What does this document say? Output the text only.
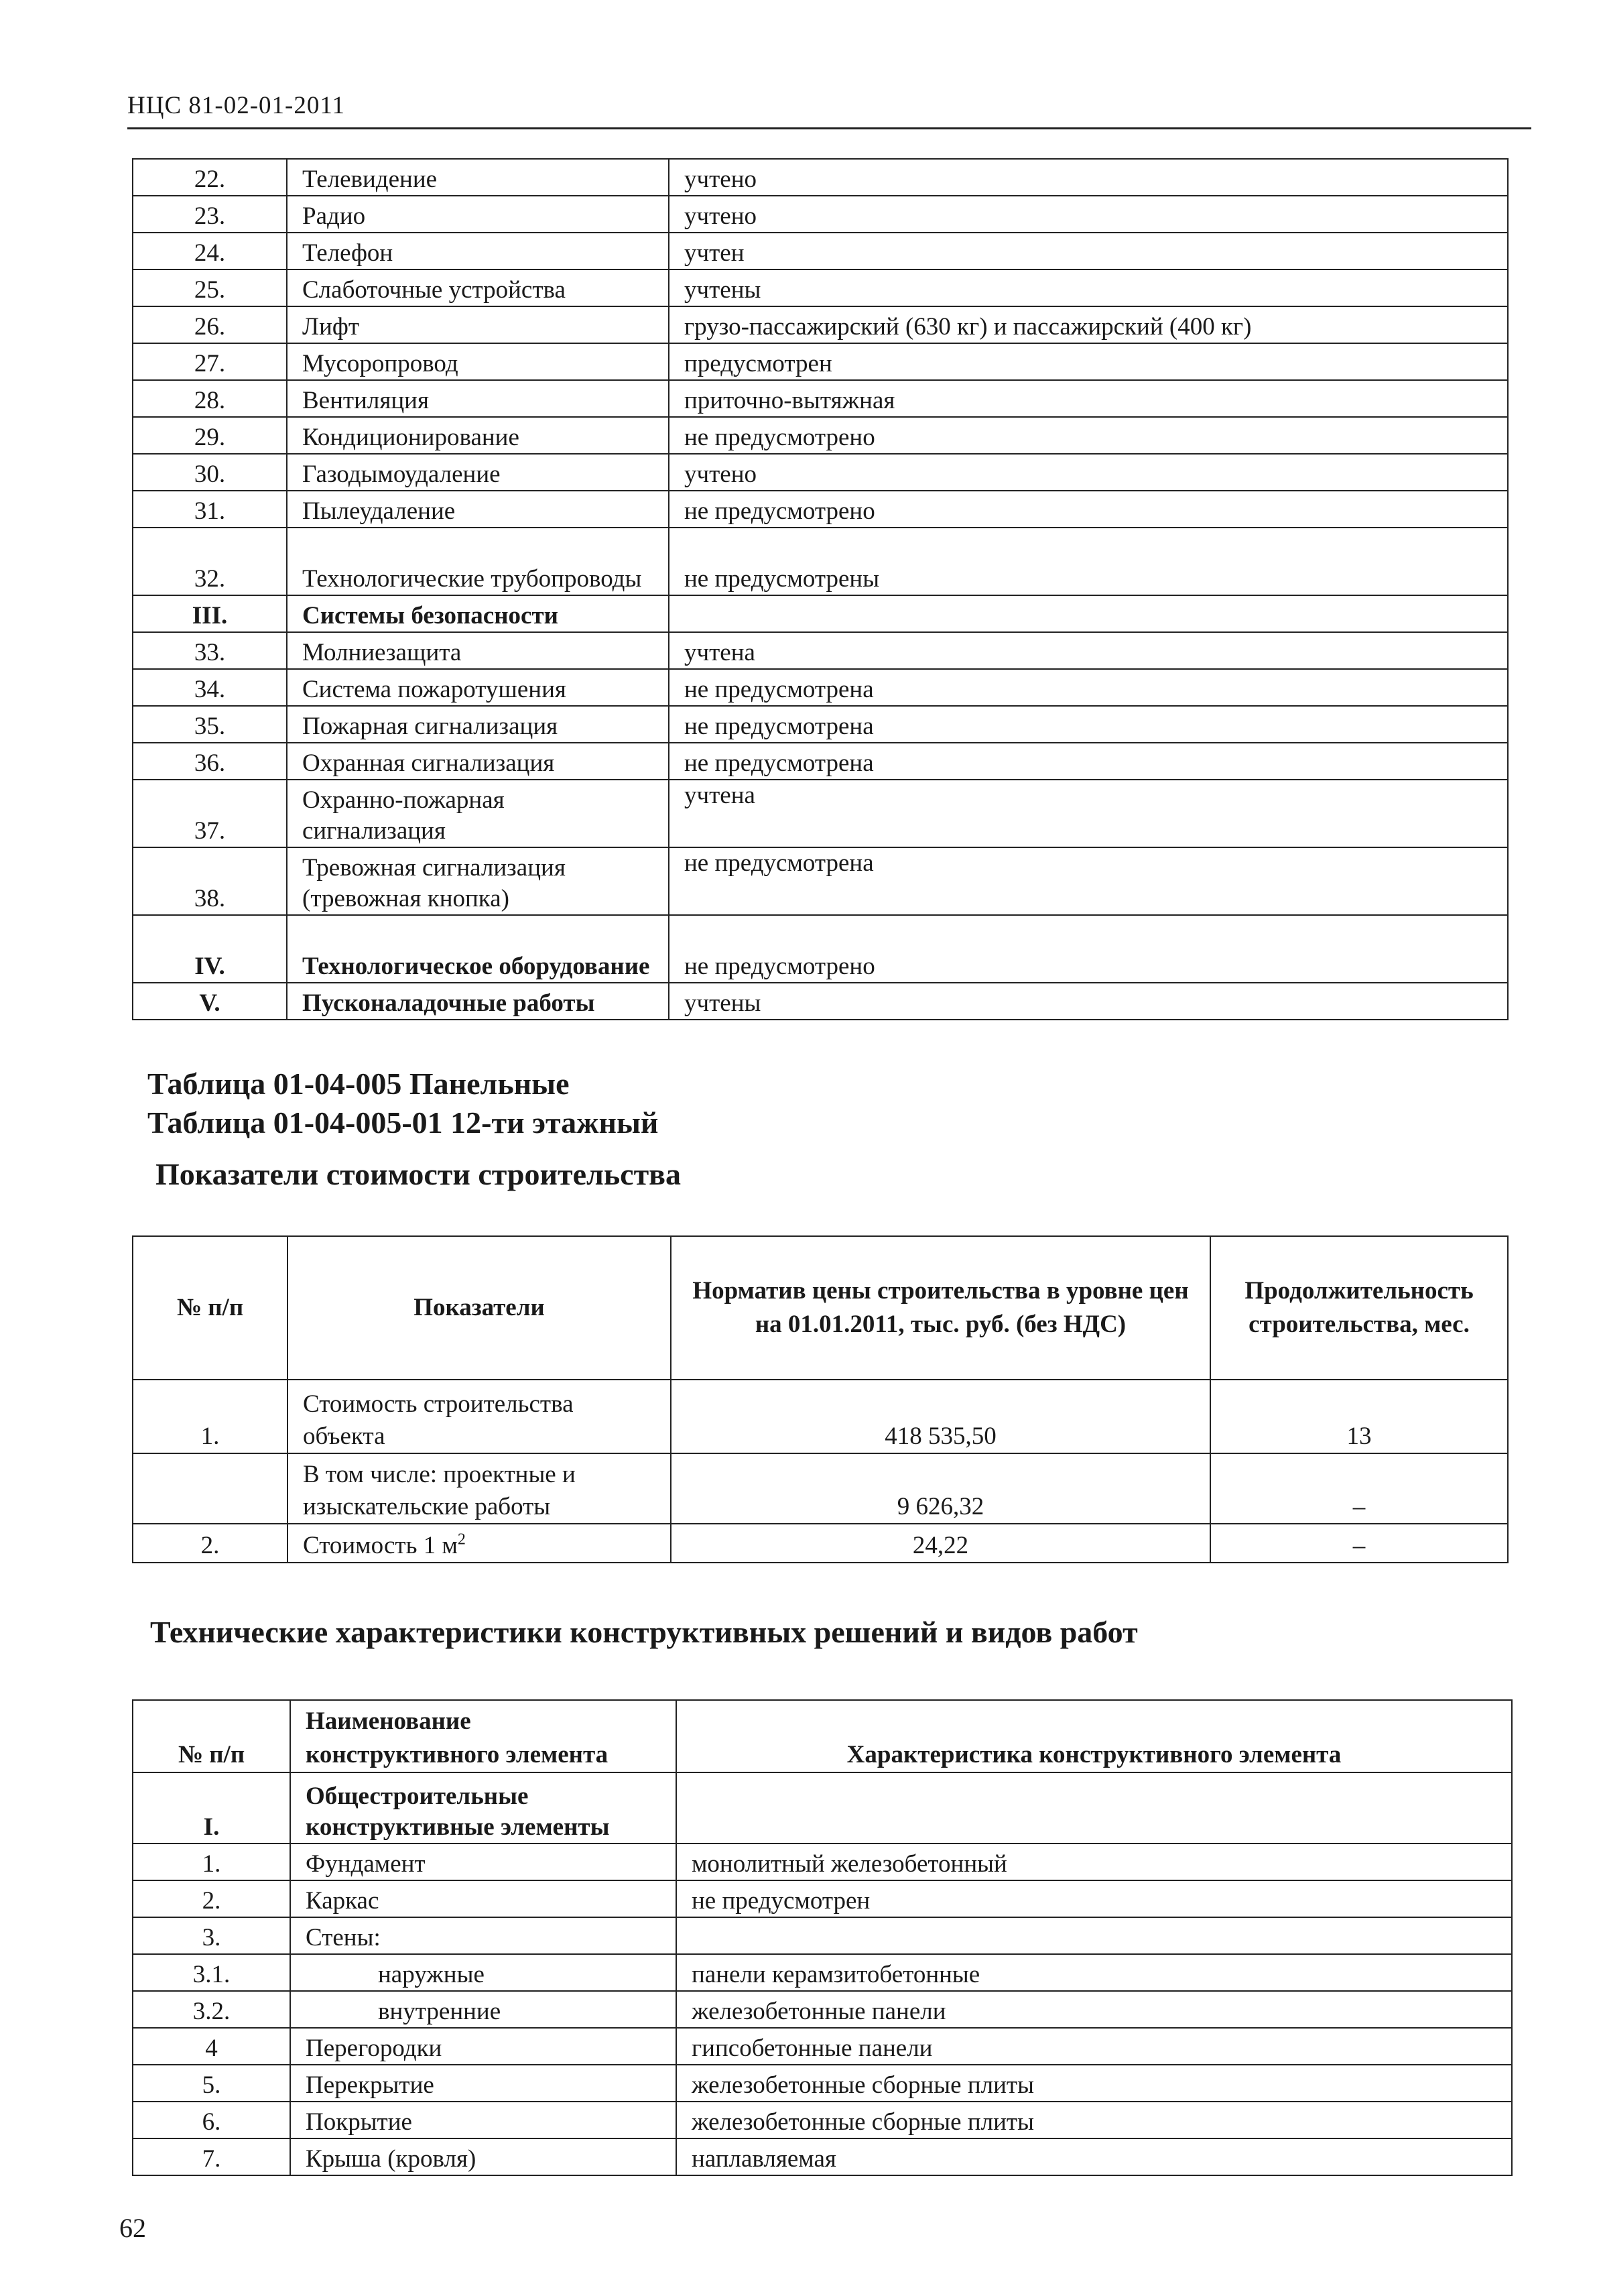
НЦС 81-02-01-2011
22.	Телевидение	учтено
23.	Радио	учтено
24.	Телефон	учтен
25.	Слаботочные устройства	учтены
26.	Лифт	грузо-пассажирский (630 кг) и пассажирский (400 кг)
27.	Мусоропровод	предусмотрен
28.	Вентиляция	приточно-вытяжная
29.	Кондиционирование	не предусмотрено
30.	Газодымоудаление	учтено
31.	Пылеудаление	не предусмотрено
32.	Технологические трубопроводы	не предусмотрены
III.	Системы безопасности	
33.	Молниезащита	учтена
34.	Система пожаротушения	не предусмотрена
35.	Пожарная сигнализация	не предусмотрена
36.	Охранная сигнализация	не предусмотрена
37.	Охранно-пожарная сигнализация	учтена
38.	Тревожная сигнализация (тревожная кнопка)	не предусмотрена
IV.	Технологическое оборудование	не предусмотрено
V.	Пусконаладочные работы	учтены
Таблица 01-04-005 Панельные
Таблица 01-04-005-01 12-ти этажный
Показатели стоимости строительства
№ п/п	Показатели	Норматив цены строительства в уровне цен на 01.01.2011, тыс. руб. (без НДС)	Продолжительность строительства, мес.
1.	Стоимость строительства объекта	418 535,50	13
	В том числе: проектные и изыскательские работы	9 626,32	–
2.	Стоимость 1 $м^2$	24,22	–
Технические характеристики конструктивных решений и видов работ
№ п/п	Наименование конструктивного элемента	Характеристика конструктивного элемента
I.	Общестроительные конструктивные элементы	
1.	Фундамент	монолитный железобетонный
2.	Каркас	не предусмотрен
3.	Стены:	
3.1.	наружные	панели керамзитобетонные
3.2.	внутренние	железобетонные панели
4	Перегородки	гипсобетонные панели
5.	Перекрытие	железобетонные сборные плиты
6.	Покрытие	железобетонные сборные плиты
7.	Крыша (кровля)	наплавляемая
62
